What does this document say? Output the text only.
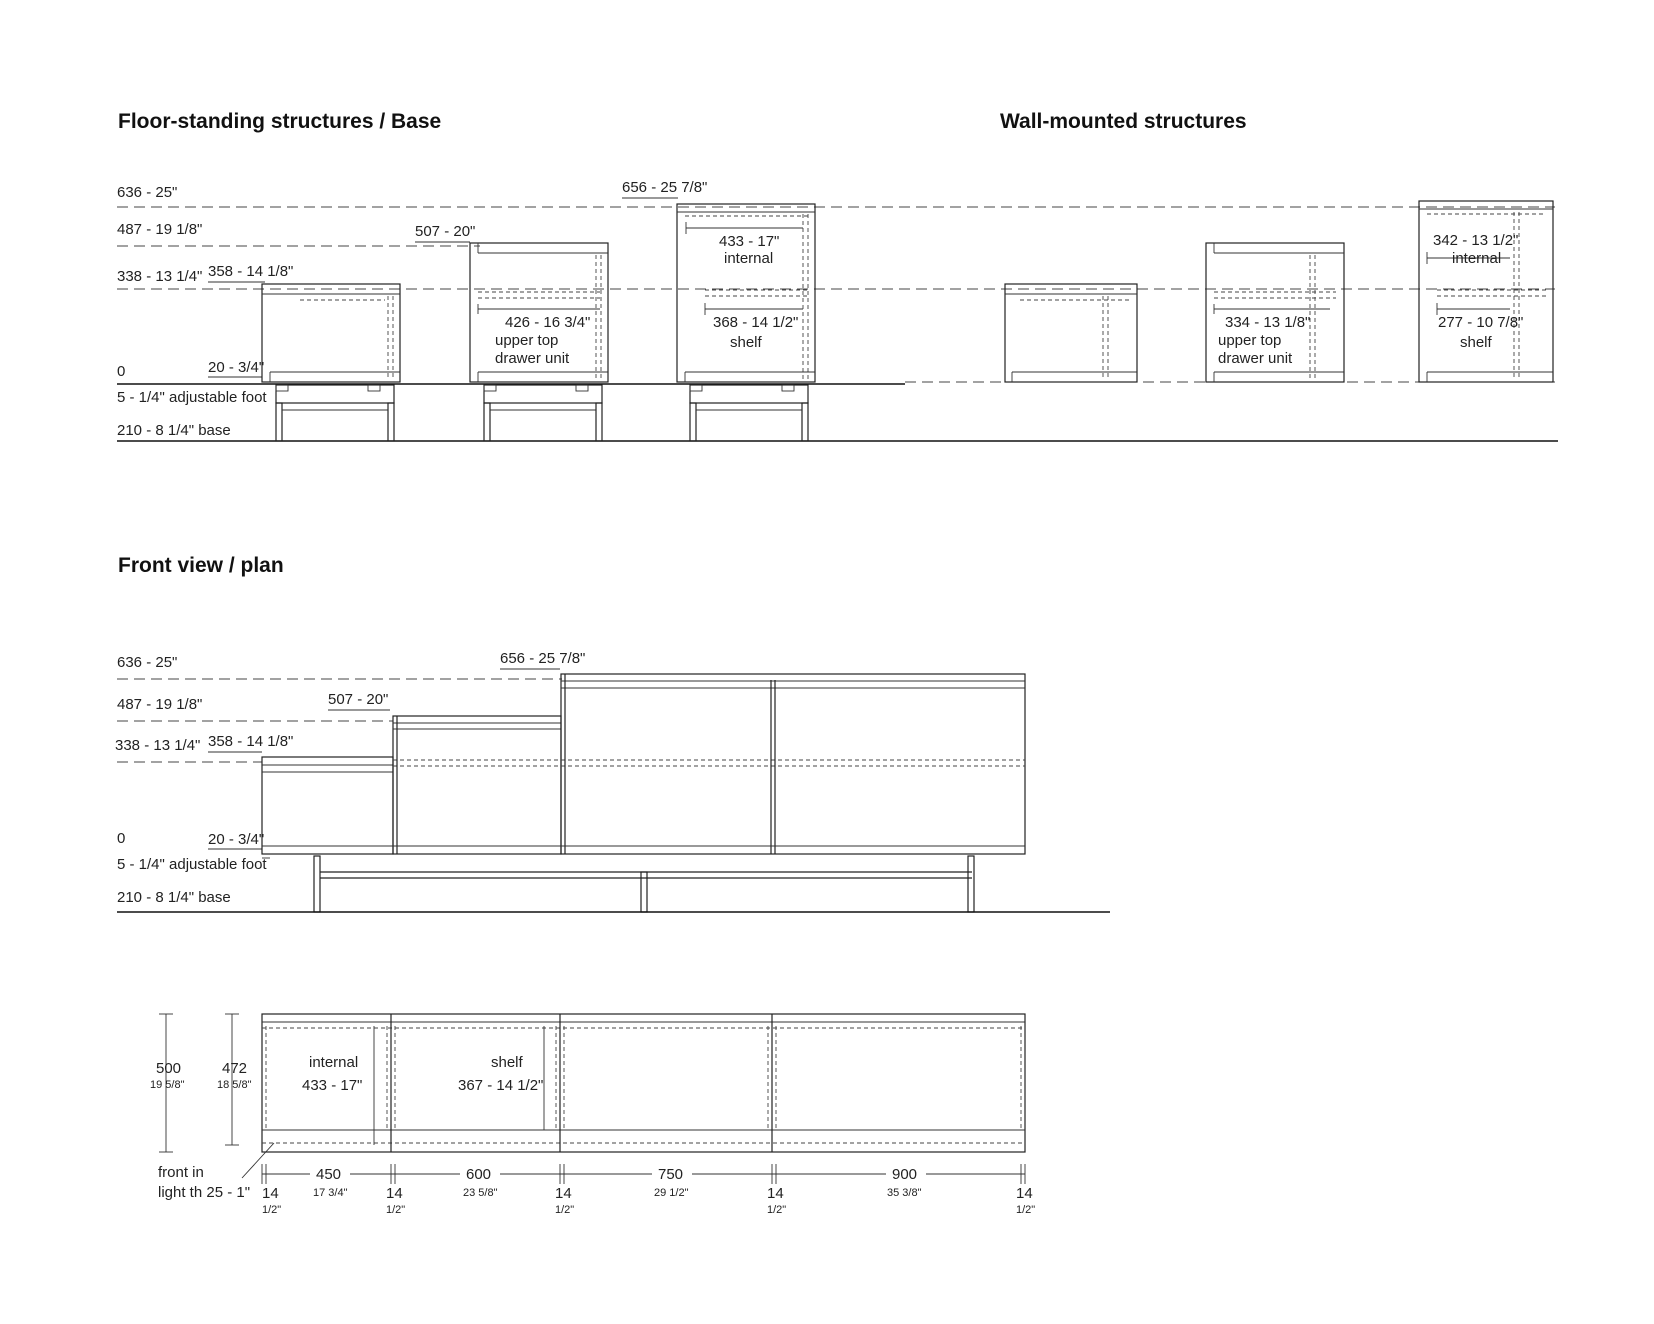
Floor-standing structures / Base	Wall-mounted structures
Front view / plan
636 - 25"
487 - 19 1/8"
338 - 13 1/4"
0
5 - 1/4" adjustable foot
210 - 8 1/4" base
358 - 14 1/8"
507 - 20"
656 - 25 7/8"
20 - 3/4"
433 - 17"
internal
368 - 14 1/2"
shelf
426 - 16 3/4"
upper top
drawer unit
342 - 13 1/2"
internal
277 - 10 7/8"
shelf
334 - 13 1/8"
upper top
drawer unit
636 - 25"
487 - 19 1/8"
338 - 13 1/4"
0
5 - 1/4" adjustable foot
210 - 8 1/4" base
656 - 25 7/8"
507 - 20"
358 - 14 1/8"
20 - 3/4"
internal
433 - 17"
shelf
367 - 14 1/2"
500
19 5/8"
472
18 5/8"
front in
light th 25 - 1"
450
17 3/4"
600
23 5/8"
750
29 1/2"
900
35 3/8"
14
1/2"
14
1/2"
14
1/2"
14
1/2"
14
1/2"
